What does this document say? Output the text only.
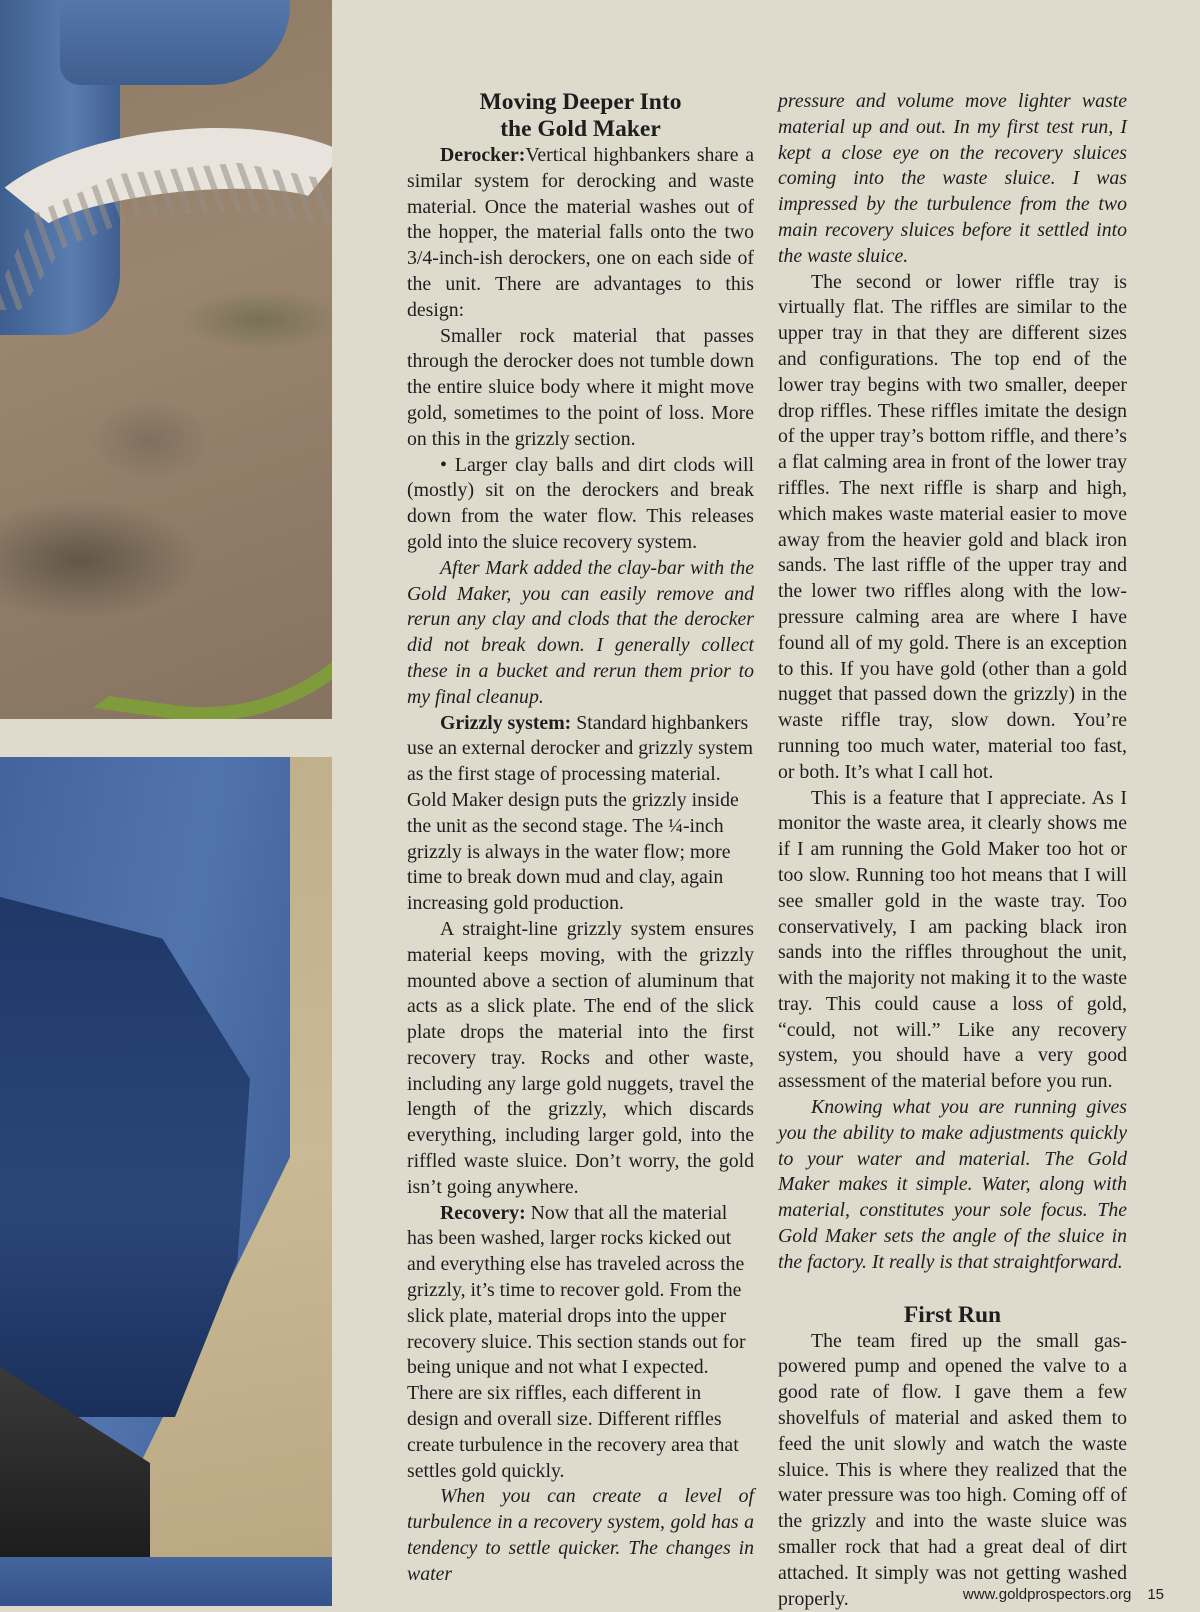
Moving Deeper Into
the Gold Maker

Derocker:Vertical highbankers share a similar system for derocking and waste material. Once the material washes out of the hopper, the material falls onto the two 3/4-inch-ish derockers, one on each side of the unit. There are advantages to this design:

Smaller rock material that passes through the derocker does not tumble down the entire sluice body where it might move gold, sometimes to the point of loss. More on this in the grizzly section.

• Larger clay balls and dirt clods will (mostly) sit on the derockers and break down from the water flow. This releases gold into the sluice recovery system.

After Mark added the clay-bar with the Gold Maker, you can easily remove and rerun any clay and clods that the derocker did not break down. I generally collect these in a bucket and rerun them prior to my final cleanup.

Grizzly system: Standard highbankers use an external derocker and grizzly system as the first stage of processing material. Gold Maker design puts the grizzly inside the unit as the second stage. The ¼-inch grizzly is always in the water flow; more time to break down mud and clay, again increasing gold production.

A straight-line grizzly system ensures material keeps moving, with the grizzly mounted above a section of aluminum that acts as a slick plate. The end of the slick plate drops the material into the first recovery tray. Rocks and other waste, including any large gold nuggets, travel the length of the grizzly, which discards everything, including larger gold, into the riffled waste sluice. Don’t worry, the gold isn’t going anywhere.

Recovery: Now that all the material has been washed, larger rocks kicked out and everything else has traveled across the grizzly, it’s time to recover gold. From the slick plate, material drops into the upper recovery sluice. This section stands out for being unique and not what I expected. There are six riffles, each different in design and overall size. Different riffles create turbulence in the recovery area that settles gold quickly.

When you can create a level of turbulence in a recovery system, gold has a tendency to settle quicker. The changes in water

pressure and volume move lighter waste material up and out. In my first test run, I kept a close eye on the recovery sluices coming into the waste sluice. I was impressed by the turbulence from the two main recovery sluices before it settled into the waste sluice.

The second or lower riffle tray is virtually flat. The riffles are similar to the upper tray in that they are different sizes and configurations. The top end of the lower tray begins with two smaller, deeper drop riffles. These riffles imitate the design of the upper tray’s bottom riffle, and there’s a flat calming area in front of the lower tray riffles. The next riffle is sharp and high, which makes waste material easier to move away from the heavier gold and black iron sands. The last riffle of the upper tray and the lower two riffles along with the low-pressure calming area are where I have found all of my gold. There is an exception to this. If you have gold (other than a gold nugget that passed down the grizzly) in the waste riffle tray, slow down. You’re running too much water, material too fast, or both. It’s what I call hot.

This is a feature that I appreciate. As I monitor the waste area, it clearly shows me if I am running the Gold Maker too hot or too slow. Running too hot means that I will see smaller gold in the waste tray. Too conservatively, I am packing black iron sands into the riffles throughout the unit, with the majority not making it to the waste tray. This could cause a loss of gold, “could, not will.” Like any recovery system, you should have a very good assessment of the material before you run.

Knowing what you are running gives you the ability to make adjustments quickly to your water and material. The Gold Maker makes it simple. Water, along with material, constitutes your sole focus. The Gold Maker sets the angle of the sluice in the factory. It really is that straightforward.

First Run

The team fired up the small gas-powered pump and opened the valve to a good rate of flow. I gave them a few shovelfuls of material and asked them to feed the unit slowly and watch the waste sluice. This is where they realized that the water pressure was too high. Coming off of the grizzly and into the waste sluice was smaller rock that had a great deal of dirt attached. It simply was not getting washed properly.	www.goldprospectors.org 15
